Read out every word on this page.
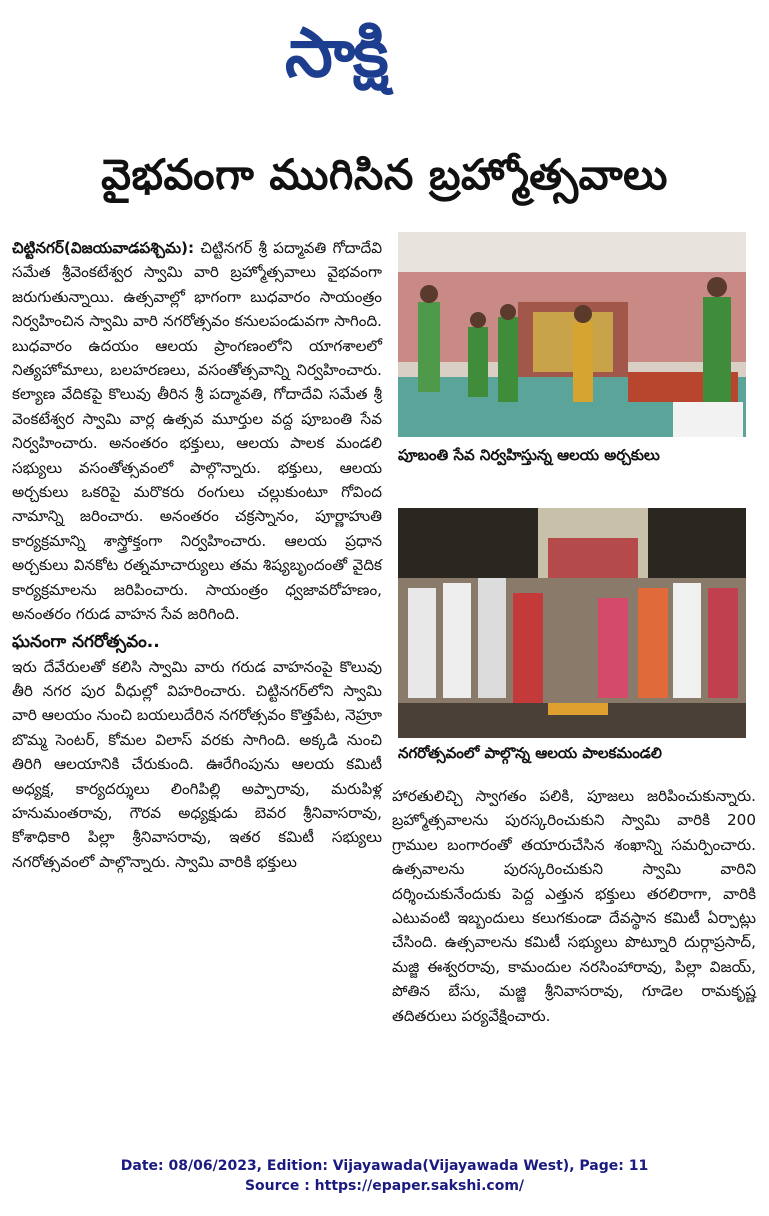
సాక్షి
వైభవంగా ముగిసిన బ్రహ్మోత్సవాలు

చిట్టినగర్(విజయవాడపశ్చిమ): చిట్టినగర్ శ్రీ పద్మావతి గోదాదేవి సమేత శ్రీవెంకటేశ్వర స్వామి వారి బ్రహ్మోత్సవాలు వైభవంగా జరుగుతున్నాయి. ఉత్సవాల్లో భాగంగా బుధవారం సాయంత్రం నిర్వహించిన స్వామి వారి నగరోత్సవం కనులపండువగా సాగింది. బుధవారం ఉదయం ఆలయ ప్రాంగణంలోని యాగశాలలో నిత్యహోమాలు, బలహరణలు, వసంతోత్సవాన్ని నిర్వహించారు. కల్యాణ వేదికపై కొలువు తీరిన శ్రీ పద్మావతి, గోదాదేవి సమేత శ్రీ వెంకటేశ్వర స్వామి వార్ల ఉత్సవ మూర్తుల వద్ద పూబంతి సేవ నిర్వహించారు. అనంతరం భక్తులు, ఆలయ పాలక మండలి సభ్యులు వసంతోత్సవంలో పాల్గొన్నారు. భక్తులు, ఆలయ అర్చకులు ఒకరిపై మరొకరు రంగులు చల్లుకుంటూ గోవింద నామాన్ని జరించారు. అనంతరం చక్రస్నానం, పూర్ణాహుతి కార్యక్రమాన్ని శాస్త్రోక్తంగా నిర్వహించారు. ఆలయ ప్రధాన అర్చకులు వినకోట రత్నమాచార్యులు తమ శిష్యబృందంతో వైదిక కార్యక్రమాలను జరిపించారు. సాయంత్రం ధ్వజావరోహణం, అనంతరం గరుడ వాహన సేవ జరిగింది.

ఘనంగా నగరోత్సవం..

ఇరు దేవేరులతో కలిసి స్వామి వారు గరుడ వాహనంపై కొలువు తీరి నగర పుర వీధుల్లో విహరించారు. చిట్టినగర్‌లోని స్వామి వారి ఆలయం నుంచి బయలుదేరిన నగరోత్సవం కొత్తపేట, నెహ్రూ బొమ్మ సెంటర్, కోమల విలాస్ వరకు సాగింది. అక్కడి నుంచి తిరిగి ఆలయానికి చేరుకుంది. ఊరేగింపును ఆలయ కమిటీ అధ్యక్ష, కార్యదర్శులు లింగిపిల్లి అప్పారావు, మరుపిళ్ల హనుమంతరావు, గౌరవ అధ్యక్షుడు బెవర శ్రీనివాసరావు, కోశాధికారి పిల్లా శ్రీనివాసరావు, ఇతర కమిటీ సభ్యులు నగరోత్సవంలో పాల్గొన్నారు. స్వామి వారికి భక్తులు

పూబంతి సేవ నిర్వహిస్తున్న ఆలయ అర్చకులు
నగరోత్సవంలో పాల్గొన్న ఆలయ పాలకమండలి

హారతులిచ్చి స్వాగతం పలికి, పూజలు జరిపించుకున్నారు. బ్రహ్మోత్సవాలను పురస్కరించుకుని స్వామి వారికి 200 గ్రాముల బంగారంతో తయారుచేసిన శంఖాన్ని సమర్పించారు. ఉత్సవాలను పురస్కరించుకుని స్వామి వారిని దర్శించుకునేందుకు పెద్ద ఎత్తున భక్తులు తరలిరాగా, వారికి ఎటువంటి ఇబ్బందులు కలుగకుండా దేవస్థాన కమిటీ ఏర్పాట్లు చేసింది. ఉత్సవాలను కమిటీ సభ్యులు పొట్నూరి దుర్గాప్రసాద్, మజ్జి ఈశ్వరరావు, కామందుల నరసింహారావు, పిల్లా విజయ్, పోతిన బేసు, మజ్జి శ్రీనివాసరావు, గూడెల రామకృష్ణ తదితరులు పర్యవేక్షించారు.

Date: 08/06/2023, Edition: Vijayawada(Vijayawada West), Page: 11
Source : https://epaper.sakshi.com/
